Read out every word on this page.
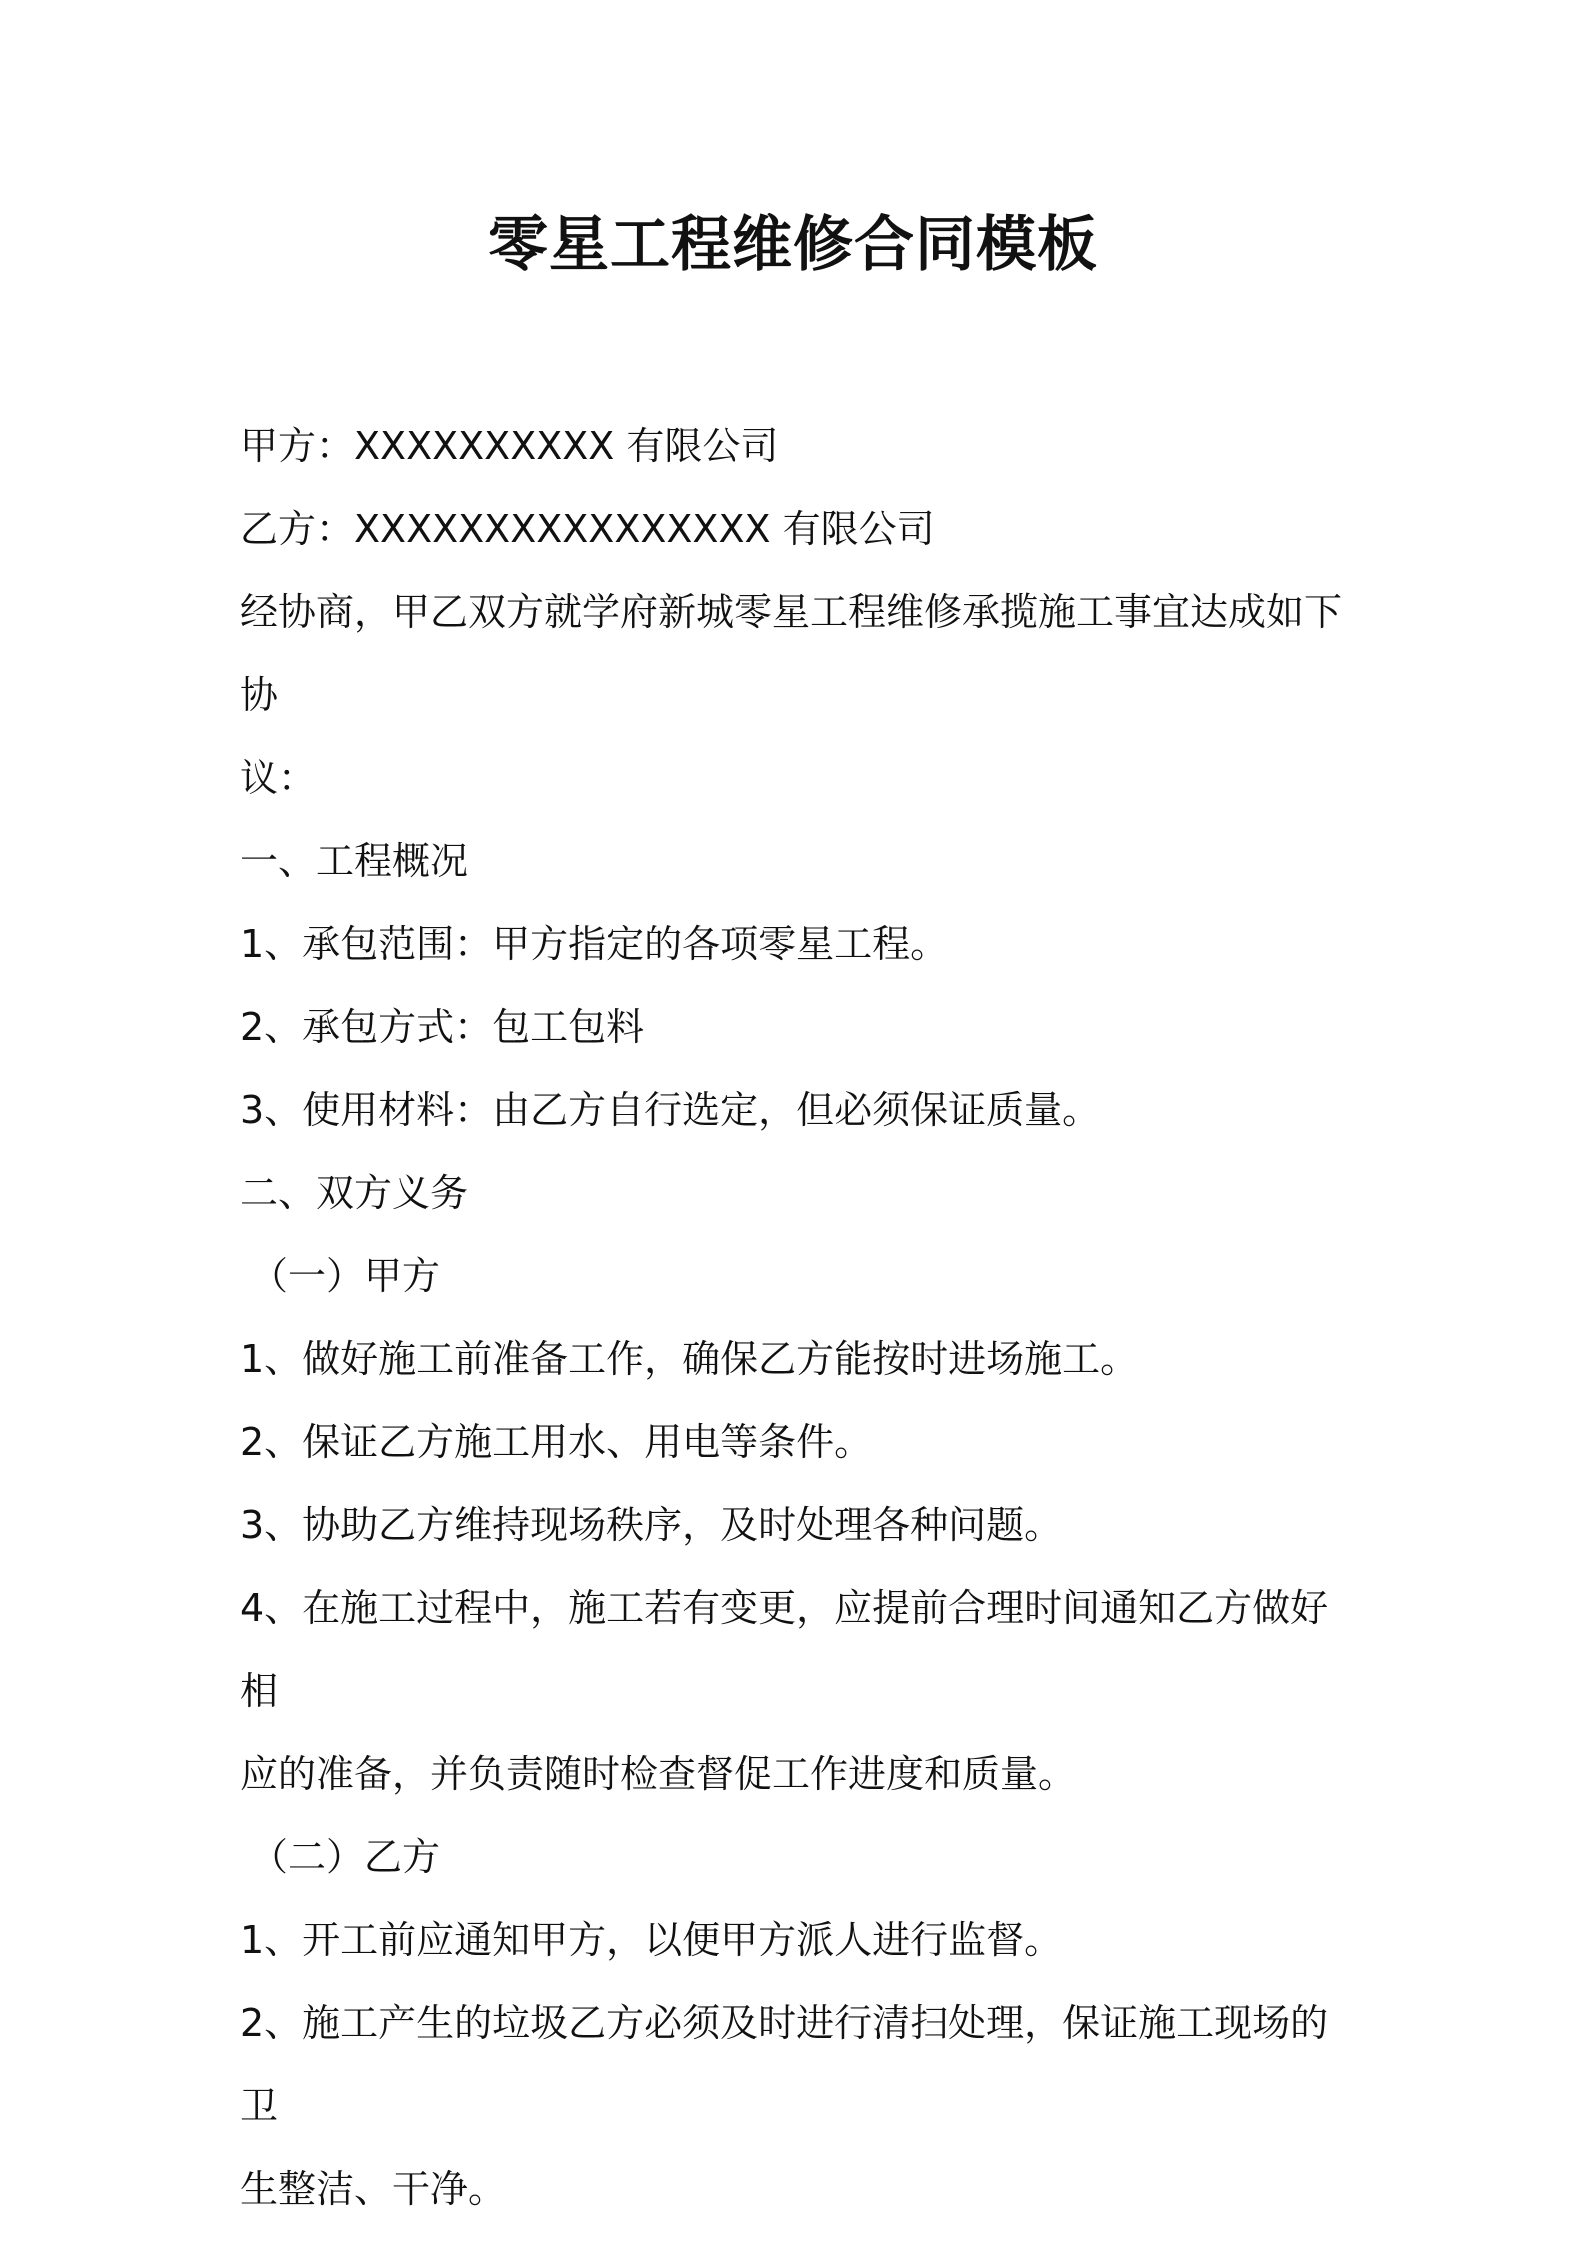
零星工程维修合同模板

甲方：XXXXXXXXXX 有限公司

乙方：XXXXXXXXXXXXXXXX 有限公司

经协商，甲乙双方就学府新城零星工程维修承揽施工事宜达成如下协

议：

一、工程概况

1、承包范围：甲方指定的各项零星工程。

2、承包方式：包工包料

3、使用材料：由乙方自行选定，但必须保证质量。

二、双方义务

（一）甲方

1、做好施工前准备工作，确保乙方能按时进场施工。

2、保证乙方施工用水、用电等条件。

3、协助乙方维持现场秩序，及时处理各种问题。

4、在施工过程中，施工若有变更，应提前合理时间通知乙方做好相

应的准备，并负责随时检查督促工作进度和质量。

（二）乙方

1、开工前应通知甲方，以便甲方派人进行监督。

2、施工产生的垃圾乙方必须及时进行清扫处理，保证施工现场的卫

生整洁、干净。
